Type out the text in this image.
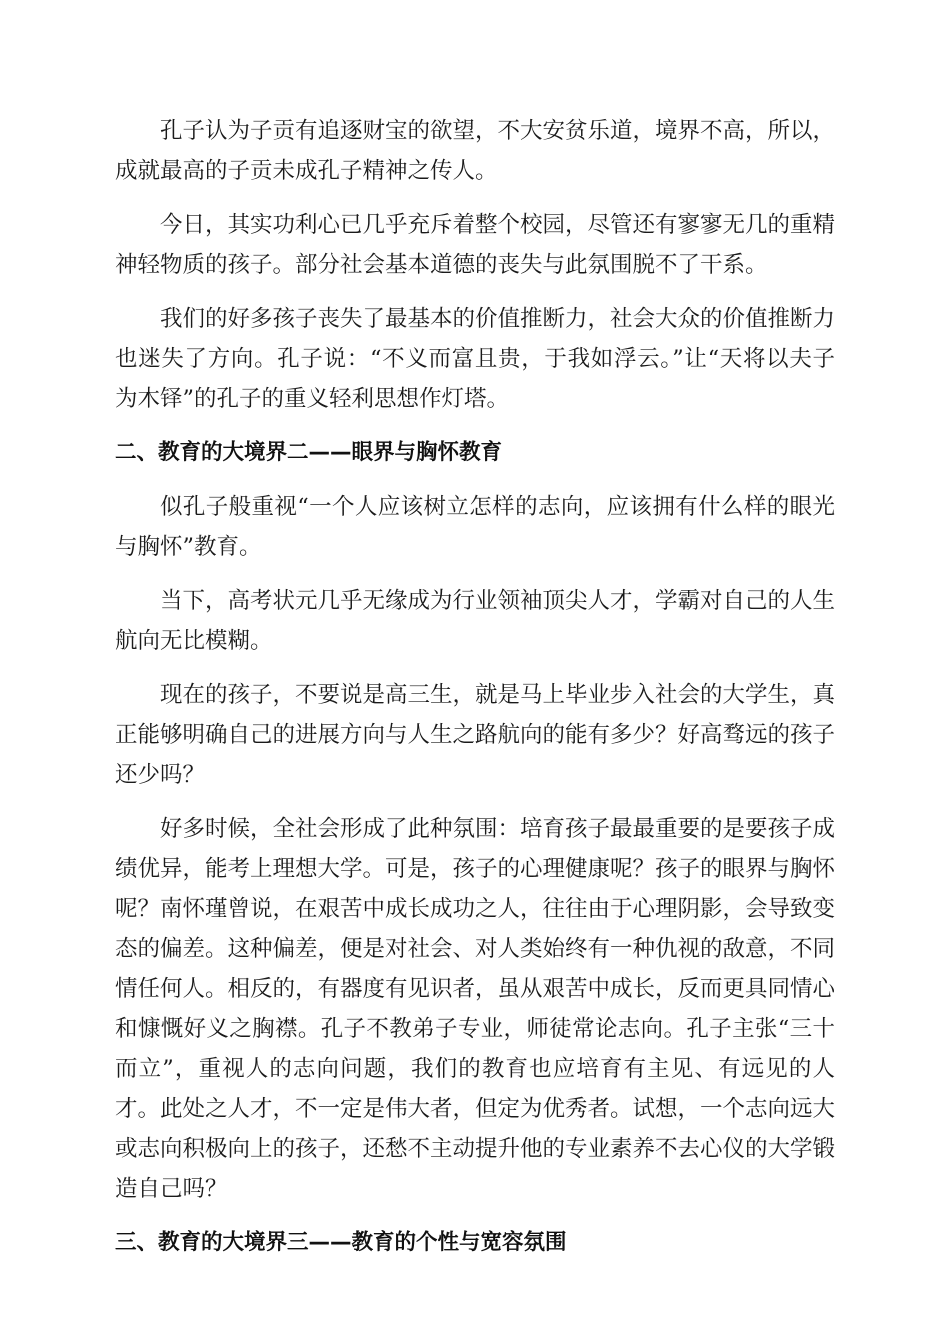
孔子认为子贡有追逐财宝的欲望，不大安贫乐道，境界不高，所以，成就最高的子贡未成孔子精神之传人。

今日，其实功利心已几乎充斥着整个校园，尽管还有寥寥无几的重精神轻物质的孩子。部分社会基本道德的丧失与此氛围脱不了干系。

我们的好多孩子丧失了最基本的价值推断力，社会大众的价值推断力也迷失了方向。孔子说：“不义而富且贵，于我如浮云。”让“天将以夫子为木铎”的孔子的重义轻利思想作灯塔。

二、教育的大境界二——眼界与胸怀教育

似孔子般重视“一个人应该树立怎样的志向，应该拥有什么样的眼光与胸怀”教育。

当下，高考状元几乎无缘成为行业领袖顶尖人才，学霸对自己的人生航向无比模糊。

现在的孩子，不要说是高三生，就是马上毕业步入社会的大学生，真正能够明确自己的进展方向与人生之路航向的能有多少？好高骛远的孩子还少吗？

好多时候，全社会形成了此种氛围：培育孩子最最重要的是要孩子成绩优异，能考上理想大学。可是，孩子的心理健康呢？孩子的眼界与胸怀呢？南怀瑾曾说，在艰苦中成长成功之人，往往由于心理阴影，会导致变态的偏差。这种偏差，便是对社会、对人类始终有一种仇视的敌意，不同情任何人。相反的，有器度有见识者，虽从艰苦中成长，反而更具同情心和慷慨好义之胸襟。孔子不教弟子专业，师徒常论志向。孔子主张“三十而立”，重视人的志向问题，我们的教育也应培育有主见、有远见的人才。此处之人才，不一定是伟大者，但定为优秀者。试想，一个志向远大或志向积极向上的孩子，还愁不主动提升他的专业素养不去心仪的大学锻造自己吗？

三、教育的大境界三——教育的个性与宽容氛围
